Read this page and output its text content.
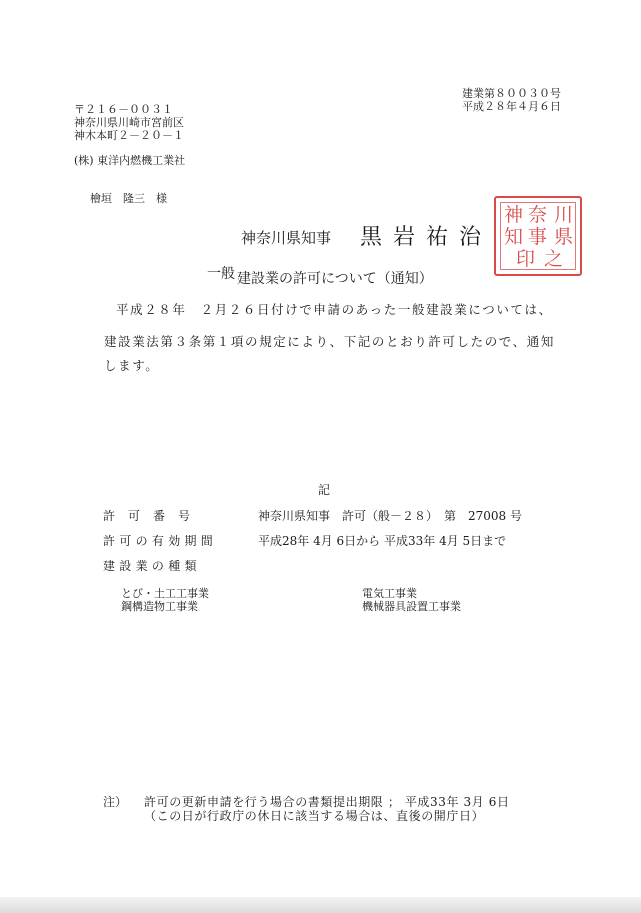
建業第８００３０号
平成２８年４月６日
〒２１６－００３１
神奈川県川崎市宮前区
神木本町２－２０－１
(株) 東洋内燃機工業社
檜垣　隆三　様
神奈川県知事 黒岩祐治
神 奈 川
知 事 県
印 之
一般 建設業の許可について（通知）
平成２８年　２月２６日付けで申請のあった一般建設業については、
建設業法第３条第１項の規定により、下記のとおり許可したので、通知
します。
記
許可番号	神奈川県知事　許可（般－２８）　第　27008 号
許可の有効期間	平成28年 4月 6日から 平成33年 4月 5日まで
建設業の種類
とび・土工工事業	電気工事業
鋼構造物工事業	機械器具設置工事業
注） 許可の更新申請を行う場合の書類提出期限 ； 平成33年 3月 6日
（この日が行政庁の休日に該当する場合は、直後の開庁日）
